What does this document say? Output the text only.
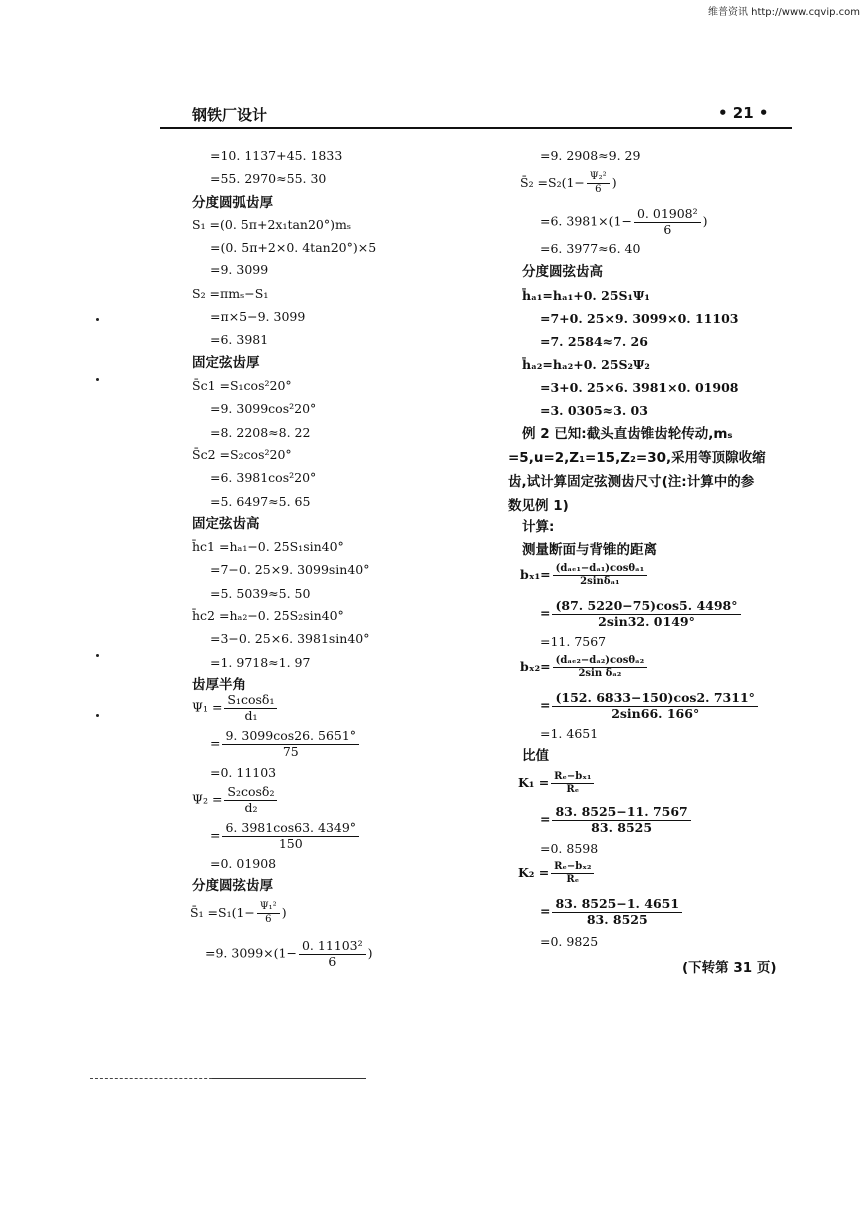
维普资讯 http://www.cqvip.com
钢铁厂设计	• 21 •
=10. 1137+45. 1833
=55. 2970≈55. 30
分度圆弧齿厚
S₁ =(0. 5π+2x₁tan20°)mₛ
=(0. 5π+2×0. 4tan20°)×5
=9. 3099
S₂ =πmₛ−S₁
=π×5−9. 3099
=6. 3981
固定弦齿厚
S̄c1 =S₁cos²20°
=9. 3099cos²20°
=8. 2208≈8. 22
S̄c2 =S₂cos²20°
=6. 3981cos²20°
=5. 6497≈5. 65
固定弦齿高
h̄c1 =hₐ₁−0. 25S₁sin40°
=7−0. 25×9. 3099sin40°
=5. 5039≈5. 50
h̄c2 =hₐ₂−0. 25S₂sin40°
=3−0. 25×6. 3981sin40°
=1. 9718≈1. 97
齿厚半角
$\Psi_1 = \frac{\text{S₁cosδ₁}}{\text{d₁}}$
= $\frac{9. 3099\cos 26. 5651^\circ}{75}$
=0. 11103
$\Psi_2 = \frac{\text{S₂cosδ₂}}{\text{d₂}}$
= $\frac{6. 3981\cos 63. 4349^\circ}{150}$
=0. 01908
分度圆弦齿厚
S̄₁ $=S_1(1- \frac{\text{Ψ₁²}}{6}$ )
=9. $3099\times(1- \frac{\text{0. 11103²}}{6}$ )
=9. 2908≈9. 29
S̄₂ $=S_2(1- \frac{\text{Ψ₂²}}{6}$ )
=6. $3981\times(1- \frac{\text{0. 01908²}}{6}$ )
=6. 3977≈6. 40
分度圆弦齿高
h̄ₐ₁=hₐ₁+0. 25S₁Ψ₁
=7+0. 25×9. 3099×0. 11103
=7. 2584≈7. 26
h̄ₐ₂=hₐ₂+0. 25S₂Ψ₂
=3+0. 25×6. 3981×0. 01908
=3. 0305≈3. 03
例 2 已知:截头直齿锥齿轮传动,mₛ
=5,u=2,Z₁=15,Z₂=30,采用等顶隙收缩
齿,试计算固定弦测齿尺寸(注:计算中的参
数见例 1)
计算:
测量断面与背锥的距离
$b_{x1}= \frac{\text{(dₐₑ₁−dₐ₁)cosθₐ₁}}{\text{2sinδₐ₁}}$
= $\frac{(87. 5220-75)\cos 5. 4498^\circ}{2\sin 32. 0149^\circ}$
=11. 7567
$b_{x2}= \frac{\text{(dₐₑ₂−dₐ₂)cosθₐ₂}}{\text{2sin δₐ₂}}$
= $\frac{(152. 6833-150)\cos 2. 7311^\circ}{2\sin 66. 166^\circ}$
=1. 4651
比值
$K_1 = \frac{\text{Rₑ−bₓ₁}}{\text{Rₑ}}$
= $\frac{83. 8525-11. 7567}{83. 8525}$
=0. 8598
$K_2 = \frac{\text{Rₑ−bₓ₂}}{\text{Rₑ}}$
= $\frac{83. 8525-1. 4651}{83. 8525}$
=0. 9825
(下转第 31 页)
